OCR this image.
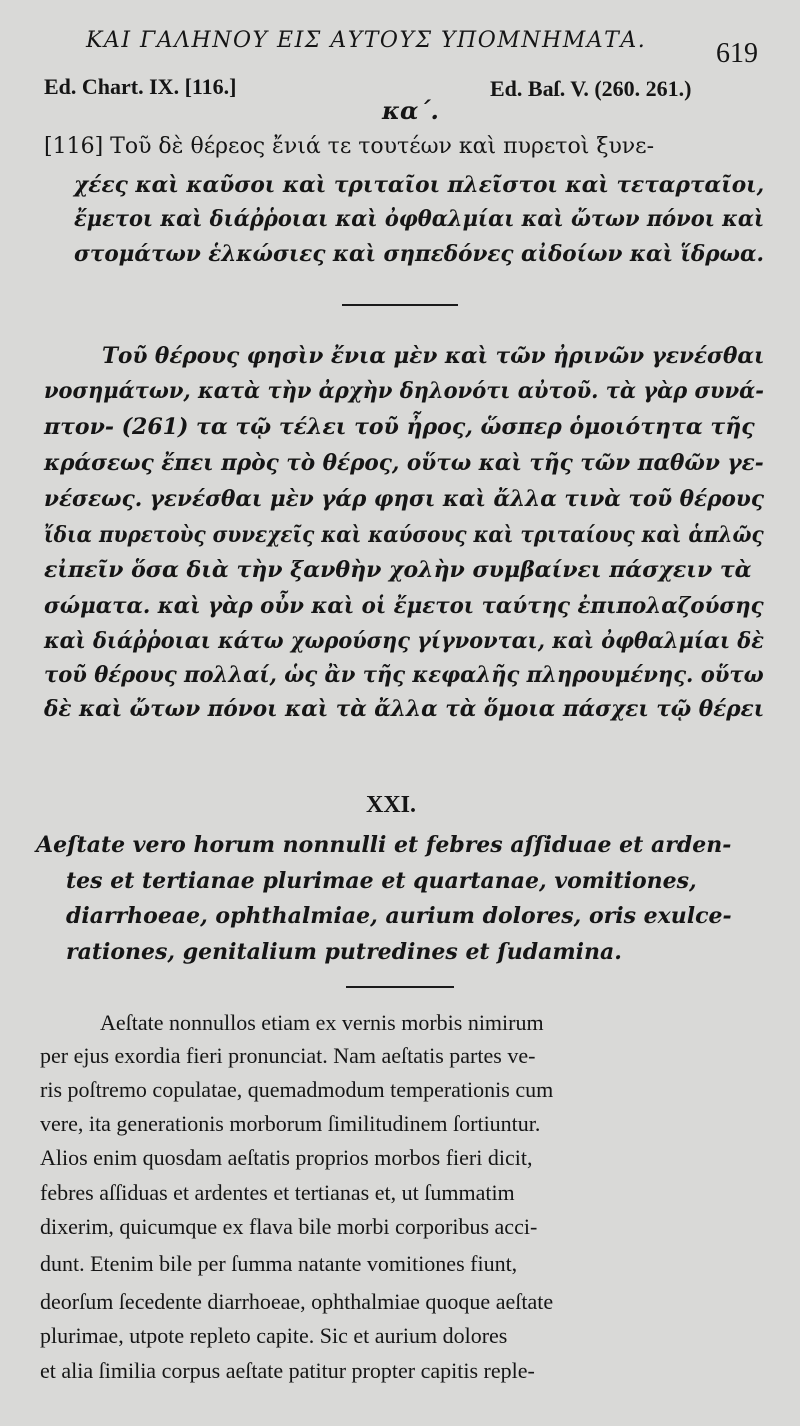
ΚΑΙ ΓΑΛΗΝΟΥ ΕΙΣ ΑΥΤΟΥΣ ΥΠΟΜΝΗΜΑΤΑ. 619
Ed. Chart. IX. [116.]	Ed. Baſ. V. (260. 261.)
κα΄.
[116] Τοῦ δὲ θέρεος ἔνιά τε τουτέων καὶ πυρετοὶ ξυνε-
χέες καὶ καῦσοι καὶ τριταῖοι πλεῖστοι καὶ τεταρταῖοι,
ἔμετοι καὶ διάῤῥοιαι καὶ ὀφθαλμίαι καὶ ὤτων πόνοι καὶ
στομάτων ἑλκώσιες καὶ σηπεδόνες αἰδοίων καὶ ἵδρωα.
Τοῦ θέρους φησὶν ἔνια μὲν καὶ τῶν ἠρινῶν γενέσθαι
νοσημάτων, κατὰ τὴν ἀρχὴν δηλονότι αὐτοῦ. τὰ γὰρ συνά-
πτον- (261) τα τῷ τέλει τοῦ ἦρος, ὥσπερ ὁμοιότητα τῆς
κράσεως ἔπει πρὸς τὸ θέρος, οὕτω καὶ τῆς τῶν παθῶν γε-
νέσεως. γενέσθαι μὲν γάρ φησι καὶ ἄλλα τινὰ τοῦ θέρους
ἴδια πυρετοὺς συνεχεῖς καὶ καύσους καὶ τριταίους καὶ ἁπλῶς
εἰπεῖν ὅσα διὰ τὴν ξανθὴν χολὴν συμβαίνει πάσχειν τὰ
σώματα. καὶ γὰρ οὖν καὶ οἱ ἔμετοι ταύτης ἐπιπολαζούσης
καὶ διάῤῥοιαι κάτω χωρούσης γίγνονται, καὶ ὀφθαλμίαι δὲ
τοῦ θέρους πολλαί, ὡς ἂν τῆς κεφαλῆς πληρουμένης. οὕτω
δὲ καὶ ὤτων πόνοι καὶ τὰ ἄλλα τὰ ὅμοια πάσχει τῷ θέρει
XXI.
Aeſtate vero horum nonnulli et febres aſſiduae et arden-
tes et tertianae plurimae et quartanae, vomitiones,
diarrhoeae, ophthalmiae, aurium dolores, oris exulce-
rationes, genitalium putredines et ſudamina.
Aeſtate nonnullos etiam ex vernis morbis nimirum
per ejus exordia fieri pronunciat. Nam aeſtatis partes ve-
ris poſtremo copulatae, quemadmodum temperationis cum
vere, ita generationis morborum ſimilitudinem ſortiuntur.
Alios enim quosdam aeſtatis proprios morbos fieri dicit,
febres aſſiduas et ardentes et tertianas et, ut ſummatim
dixerim, quicumque ex flava bile morbi corporibus acci-
dunt. Etenim bile per ſumma natante vomitiones fiunt,
deorſum ſecedente diarrhoeae, ophthalmiae quoque aeſtate
plurimae, utpote repleto capite. Sic et aurium dolores
et alia ſimilia corpus aeſtate patitur propter capitis reple-
